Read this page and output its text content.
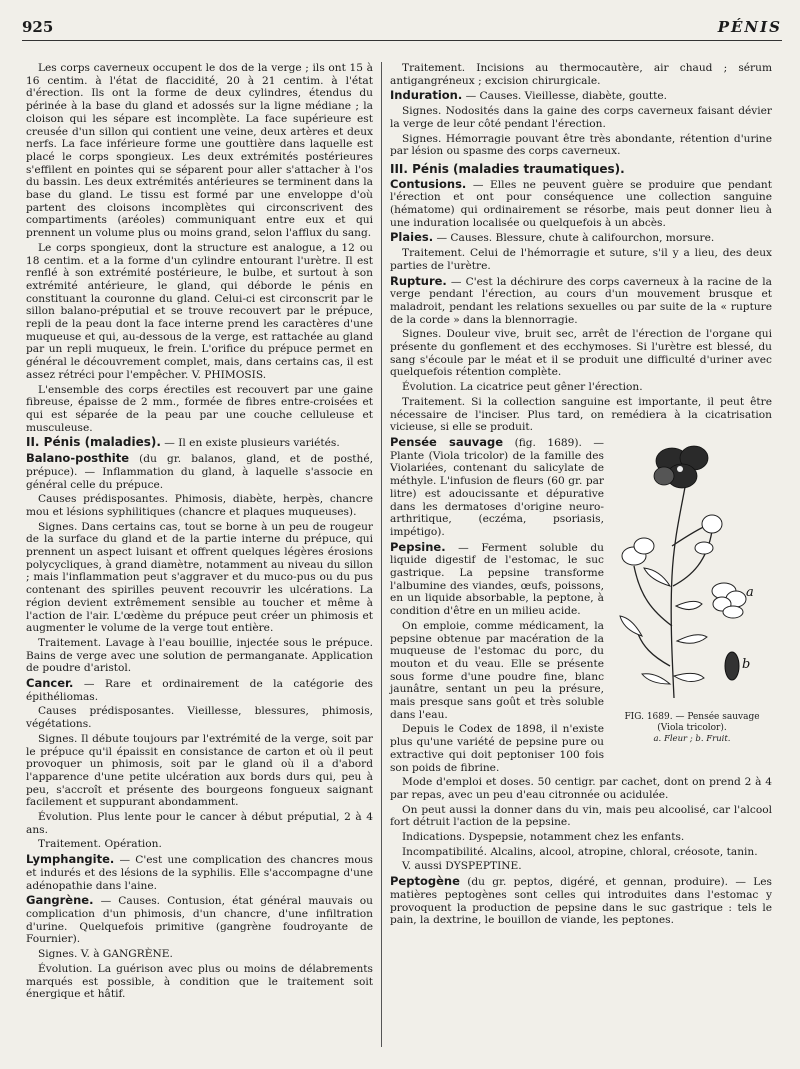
925	PÉNIS

Les corps caverneux occupent le dos de la verge ; ils ont 15 à 16 centim. à l'état de flaccidité, 20 à 21 centim. à l'état d'érection. Ils ont la forme de deux cylindres, étendus du périnée à la base du gland et adossés sur la ligne médiane ; la cloison qui les sépare est incomplète. La face supérieure est creusée d'un sillon qui contient une veine, deux artères et deux nerfs. La face inférieure forme une gouttière dans laquelle est placé le corps spongieux. Les deux extrémités postérieures s'effilent en pointes qui se séparent pour aller s'attacher à l'os du bassin. Les deux extrémités antérieures se terminent dans la base du gland. Le tissu est formé par une enveloppe d'où partent des cloisons incomplètes qui circonscrivent des compartiments (aréoles) communiquant entre eux et qui prennent un volume plus ou moins grand, selon l'afflux du sang.

Le corps spongieux, dont la structure est analogue, a 12 ou 18 centim. et a la forme d'un cylindre entourant l'urètre. Il est renflé à son extrémité postérieure, le bulbe, et surtout à son extrémité antérieure, le gland, qui déborde le pénis en constituant la couronne du gland. Celui-ci est circonscrit par le sillon balano-préputial et se trouve recouvert par le prépuce, repli de la peau dont la face interne prend les caractères d'une muqueuse et qui, au-dessous de la verge, est rattachée au gland par un repli muqueux, le frein. L'orifice du prépuce permet en général le découvrement complet, mais, dans certains cas, il est assez rétréci pour l'empêcher. V. PHIMOSIS.

L'ensemble des corps érectiles est recouvert par une gaine fibreuse, épaisse de 2 mm., formée de fibres entre-croisées et qui est séparée de la peau par une couche celluleuse et musculeuse.

II. Pénis (maladies). — Il en existe plusieurs variétés.

Balano-posthite (du gr. balanos, gland, et de posthé, prépuce). — Inflammation du gland, à laquelle s'associe en général celle du prépuce.

Causes prédisposantes. Phimosis, diabète, herpès, chancre mou et lésions syphilitiques (chancre et plaques muqueuses).

Signes. Dans certains cas, tout se borne à un peu de rougeur de la surface du gland et de la partie interne du prépuce, qui prennent un aspect luisant et offrent quelques légères érosions polycycliques, à grand diamètre, notamment au niveau du sillon ; mais l'inflammation peut s'aggraver et du muco-pus ou du pus contenant des spirilles peuvent recouvrir les ulcérations. La région devient extrêmement sensible au toucher et même à l'action de l'air. L'œdème du prépuce peut créer un phimosis et augmenter le volume de la verge tout entière.

Traitement. Lavage à l'eau bouillie, injectée sous le prépuce. Bains de verge avec une solution de permanganate. Application de poudre d'aristol.

Cancer. — Rare et ordinairement de la catégorie des épithéliomas.

Causes prédisposantes. Vieillesse, blessures, phimosis, végétations.

Signes. Il débute toujours par l'extrémité de la verge, soit par le prépuce qu'il épaissit en consistance de carton et où il peut provoquer un phimosis, soit par le gland où il a d'abord l'apparence d'une petite ulcération aux bords durs qui, peu à peu, s'accroît et présente des bourgeons fongueux saignant facilement et suppurant abondamment.

Évolution. Plus lente pour le cancer à début préputial, 2 à 4 ans.

Traitement. Opération.

Lymphangite. — C'est une complication des chancres mous et indurés et des lésions de la syphilis. Elle s'accompagne d'une adénopathie dans l'aine.

Gangrène. — Causes. Contusion, état général mauvais ou complication d'un phimosis, d'un chancre, d'une infiltration d'urine. Quelquefois primitive (gangrène foudroyante de Fournier).

Signes. V. à GANGRÈNE.

Évolution. La guérison avec plus ou moins de délabrements marqués est possible, à condition que le traitement soit énergique et hâtif.

Traitement. Incisions au thermocautère, air chaud ; sérum antigangréneux ; excision chirurgicale.

Induration. — Causes. Vieillesse, diabète, goutte.

Signes. Nodosités dans la gaine des corps caverneux faisant dévier la verge de leur côté pendant l'érection.

Signes. Hémorragie pouvant être très abondante, rétention d'urine par lésion ou spasme des corps caverneux.

III. Pénis (maladies traumatiques).

Contusions. — Elles ne peuvent guère se produire que pendant l'érection et ont pour conséquence une collection sanguine (hématome) qui ordinairement se résorbe, mais peut donner lieu à une induration localisée ou quelquefois à un abcès.

Plaies. — Causes. Blessure, chute à califourchon, morsure.

Traitement. Celui de l'hémorragie et suture, s'il y a lieu, des deux parties de l'urètre.

Rupture. — C'est la déchirure des corps caverneux à la racine de la verge pendant l'érection, au cours d'un mouvement brusque et maladroit, pendant les relations sexuelles ou par suite de la « rupture de la corde » dans la blennorragie.

Signes. Douleur vive, bruit sec, arrêt de l'érection de l'organe qui présente du gonflement et des ecchymoses. Si l'urètre est blessé, du sang s'écoule par le méat et il se produit une difficulté d'uriner avec quelquefois rétention complète.

Évolution. La cicatrice peut gêner l'érection.

Traitement. Si la collection sanguine est importante, il peut être nécessaire de l'inciser. Plus tard, on remédiera à la cicatrisation vicieuse, si elle se produit.

a
b
FIG. 1689. — Pensée sauvage (Viola tricolor).
a. Fleur ; b. Fruit.

Pensée sauvage (fig. 1689). — Plante (Viola tricolor) de la famille des Violariées, contenant du salicylate de méthyle. L'infusion de fleurs (60 gr. par litre) est adoucissante et dépurative dans les dermatoses d'origine neuro-arthritique, (eczéma, psoriasis, impétigo).

Pepsine. — Ferment soluble du liquide digestif de l'estomac, le suc gastrique. La pepsine transforme l'albumine des viandes, œufs, poissons, en un liquide absorbable, la peptone, à condition d'être en un milieu acide.

On emploie, comme médicament, la pepsine obtenue par macération de la muqueuse de l'estomac du porc, du mouton et du veau. Elle se présente sous forme d'une poudre fine, blanc jaunâtre, sentant un peu la présure, mais presque sans goût et très soluble dans l'eau.

Depuis le Codex de 1898, il n'existe plus qu'une variété de pepsine pure ou extractive qui doit peptoniser 100 fois son poids de fibrine.

Mode d'emploi et doses. 50 centigr. par cachet, dont on prend 2 à 4 par repas, avec un peu d'eau citronnée ou acidulée.

On peut aussi la donner dans du vin, mais peu alcoolisé, car l'alcool fort détruit l'action de la pepsine.

Indications. Dyspepsie, notamment chez les enfants.

Incompatibilité. Alcalins, alcool, atropine, chloral, créosote, tanin.

V. aussi DYSPEPTINE.

Peptogène (du gr. peptos, digéré, et gennan, produire). — Les matières peptogènes sont celles qui introduites dans l'estomac y provoquent la production de pepsine dans le suc gastrique : tels le pain, la dextrine, le bouillon de viande, les peptones.
